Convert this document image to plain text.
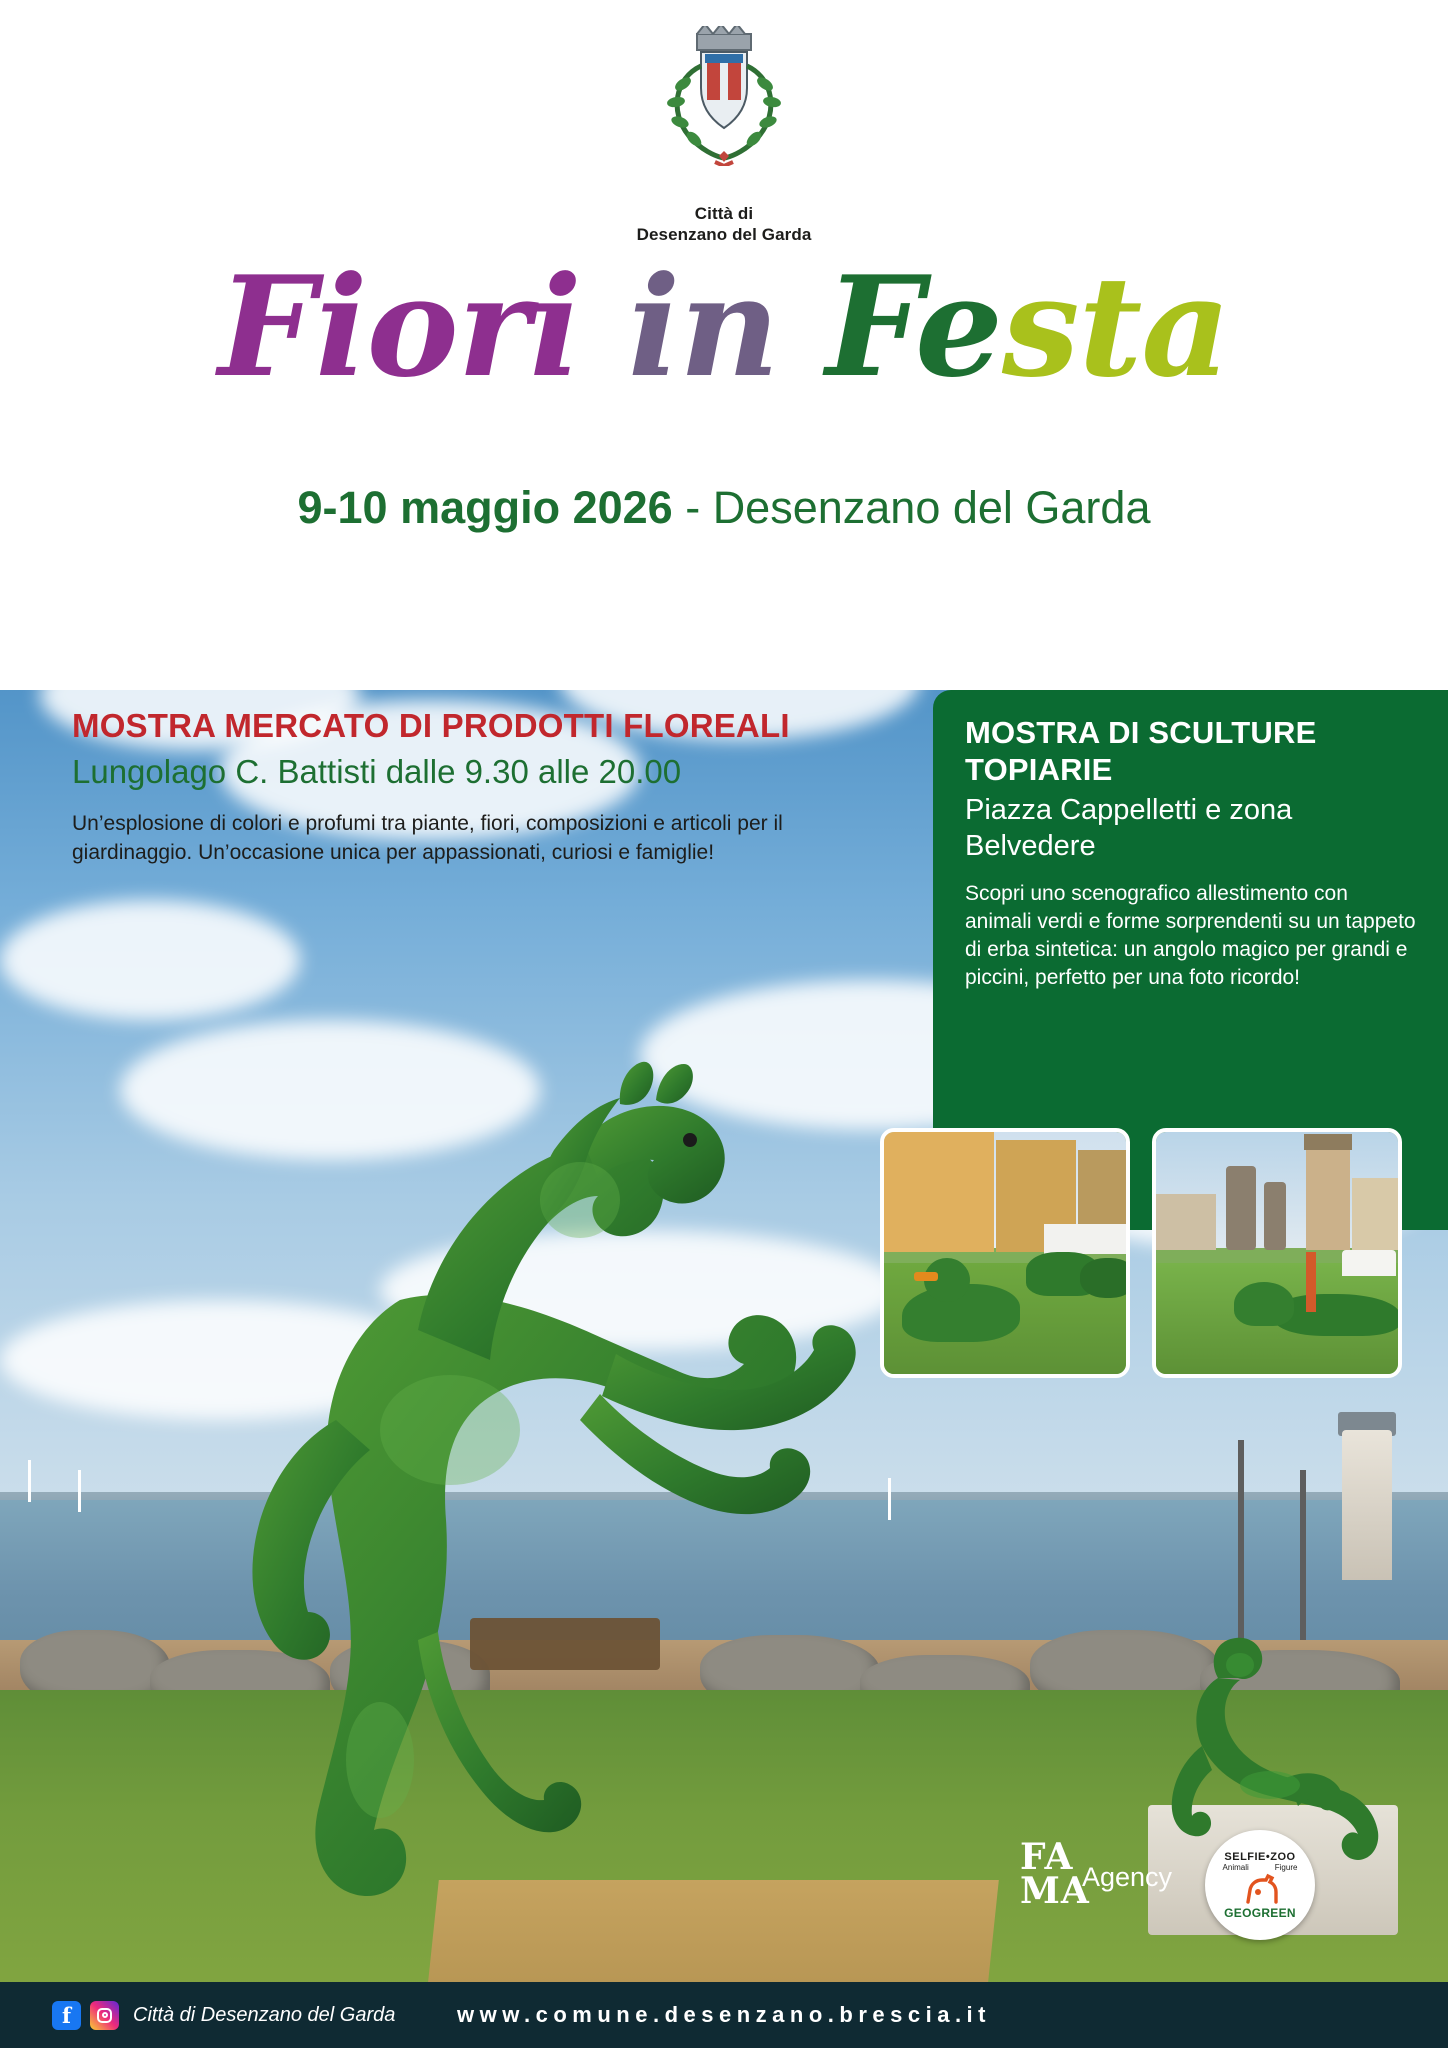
Città di
Desenzano del Garda
Fiori in Festa
9-10 maggio 2026 - Desenzano del Garda
MOSTRA MERCATO DI PRODOTTI FLOREALI
Lungolago C. Battisti dalle 9.30 alle 20.00
Un’esplosione di colori e profumi tra piante, fiori, composizioni e articoli per il giardinaggio. Un’occasione unica per appassionati, curiosi e famiglie!
MOSTRA DI SCULTURE TOPIARIE
Piazza Cappelletti e zona Belvedere
Scopri uno scenografico allestimento con animali verdi e forme sorprendenti su un tappeto di erba sintetica: un angolo magico per grandi e piccini, perfetto per una foto ricordo!
FA
MA
Agency
SELFIE•ZOO
Animali	Figure
GEOGREEN
f	Città di Desenzano del Garda	www.comune.desenzano.brescia.it
